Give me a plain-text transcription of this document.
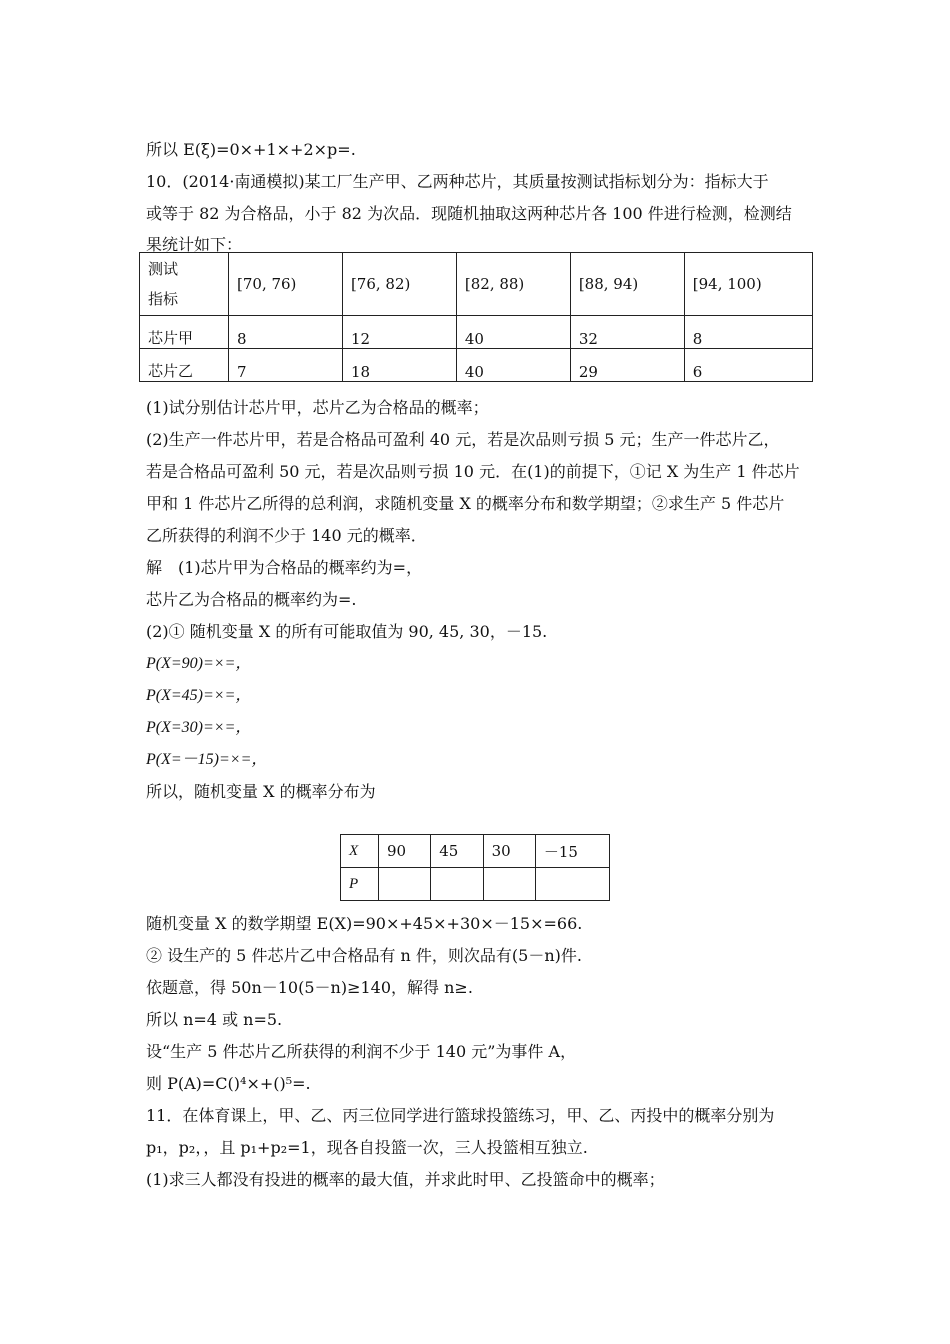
所以 E(ξ)=0×+1×+2×p=.
10．(2014·南通模拟)某工厂生产甲、乙两种芯片，其质量按测试指标划分为：指标大于
或等于 82 为合格品，小于 82 为次品．现随机抽取这两种芯片各 100 件进行检测，检测结
果统计如下：
测试
指标	[70, 76)	[76, 82)	[82, 88)	[88, 94)	[94, 100)
芯片甲	8	12	40	32	8
芯片乙	7	18	40	29	6
(1)试分别估计芯片甲，芯片乙为合格品的概率；
(2)生产一件芯片甲，若是合格品可盈利 40 元，若是次品则亏损 5 元；生产一件芯片乙，
若是合格品可盈利 50 元，若是次品则亏损 10 元．在(1)的前提下，①记 X 为生产 1 件芯片
甲和 1 件芯片乙所得的总利润，求随机变量 X 的概率分布和数学期望；②求生产 5 件芯片
乙所获得的利润不少于 140 元的概率．
解　(1)芯片甲为合格品的概率约为=，
芯片乙为合格品的概率约为=.
(2)① 随机变量 X 的所有可能取值为 90, 45, 30，－15.
P(X=90)=×=，
P(X=45)=×=，
P(X=30)=×=，
P(X=－15)=×=，
所以，随机变量 X 的概率分布为
X	90	45	30	－15
P				
随机变量 X 的数学期望 E(X)=90×+45×+30×－15×=66.
② 设生产的 5 件芯片乙中合格品有 n 件，则次品有(5－n)件.
依题意，得 50n－10(5－n)≥140，解得 n≥.
所以 n=4 或 n=5.
设“生产 5 件芯片乙所获得的利润不少于 140 元”为事件 A，
则 P(A)=C()⁴×+()⁵=.
11．在体育课上，甲、乙、丙三位同学进行篮球投篮练习，甲、乙、丙投中的概率分别为
p₁，p₂，，且 p₁+p₂=1，现各自投篮一次，三人投篮相互独立.
(1)求三人都没有投进的概率的最大值，并求此时甲、乙投篮命中的概率；
